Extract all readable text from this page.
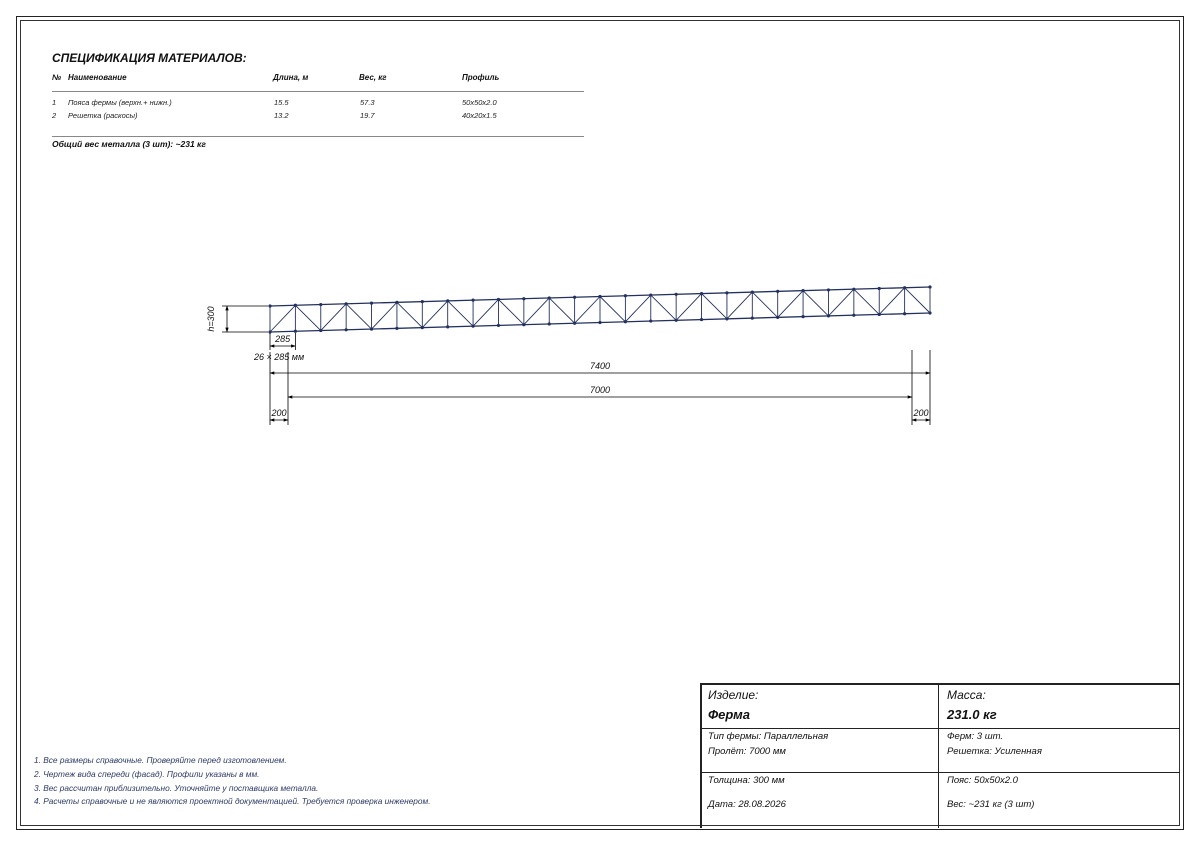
СПЕЦИФИКАЦИЯ МАТЕРИАЛОВ:
№ Наименование	Длина, м	Вес, кг	Профиль
1 Пояса фермы (верхн.+ нижн.)	15.5	57.3	50x50x2.0
2 Решетка (раскосы)	13.2	19.7	40x20x1.5
Общий вес металла (3 шт): ~231 кг
h=300
285
26 × 285 мм
7400
7000
200	200
1. Все размеры справочные. Проверяйте перед изготовлением.
2. Чертеж вида спереди (фасад). Профили указаны в мм.
3. Вес рассчитан приблизительно. Уточняйте у поставщика металла.
4. Расчеты справочные и не являются проектной документацией. Требуется проверка инженером.
Изделие:
Ферма
Масса:
231.0 кг
Тип фермы: Параллельная
Пролёт: 7000 мм
Ферм: 3 шт.
Решетка: Усиленная
Толщина: 300 мм
Дата: 28.08.2026
Пояс: 50x50x2.0
Вес: ~231 кг (3 шт)
